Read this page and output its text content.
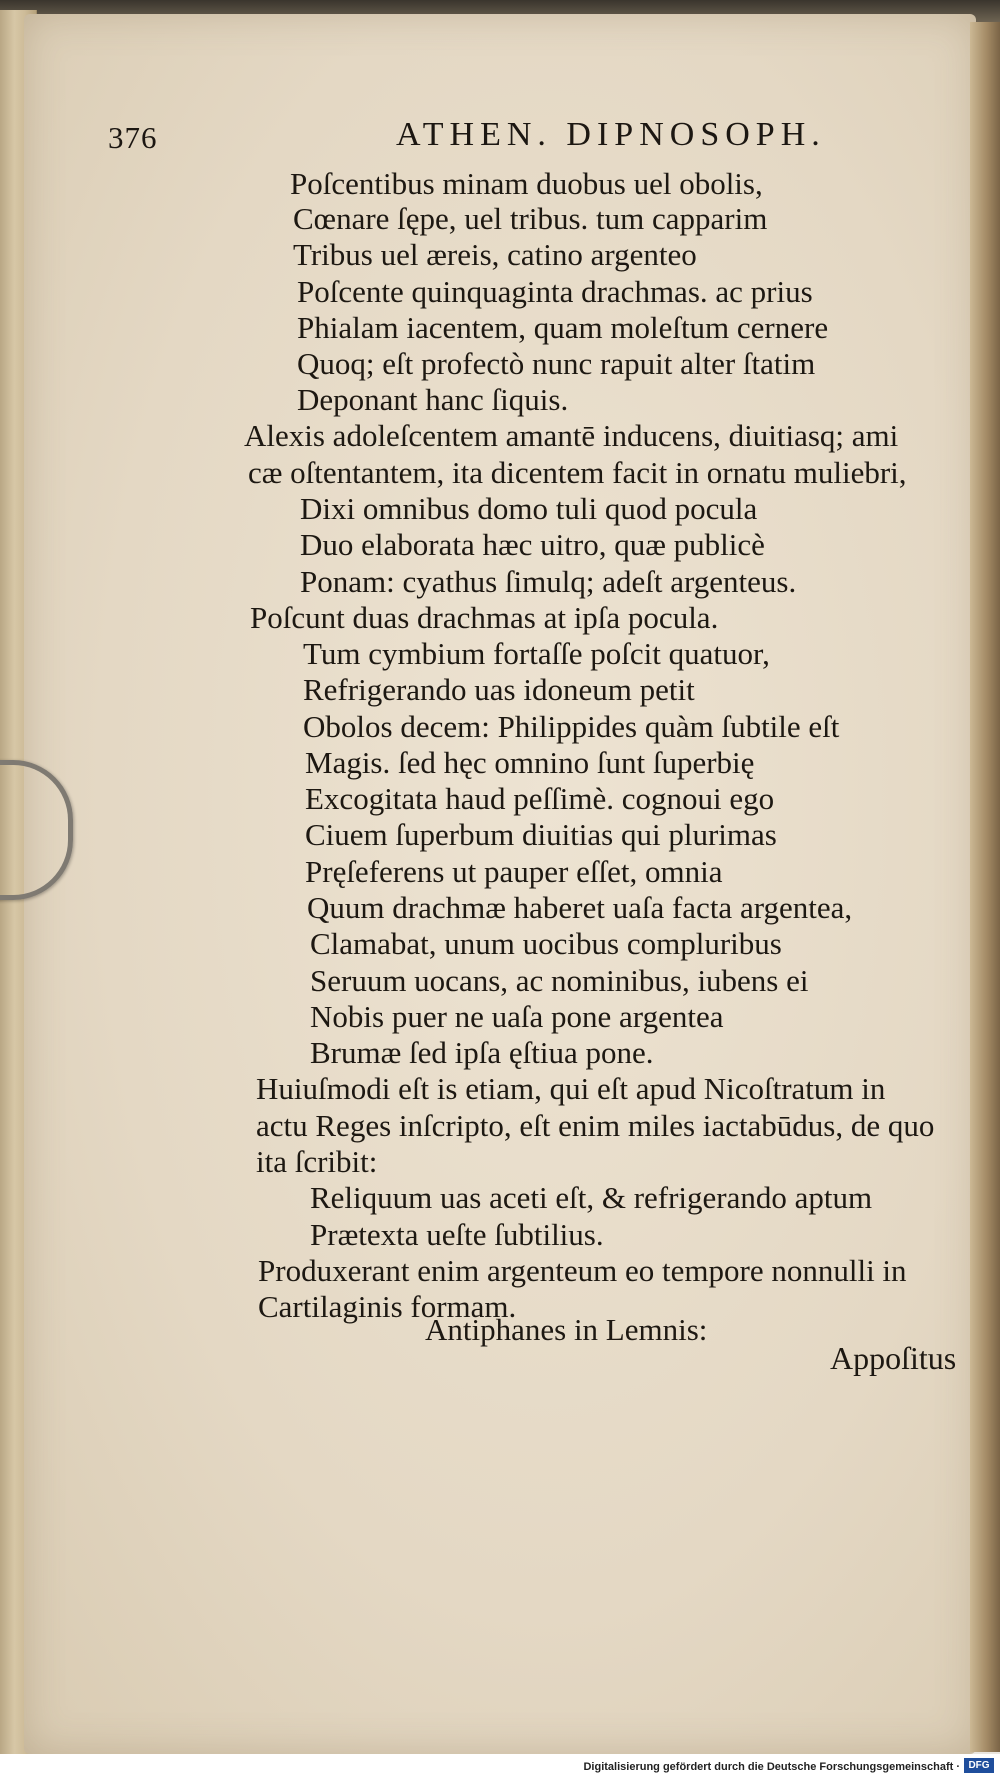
376	ATHEN. DIPNOSOPH.
Poſcentibus minam duobus uel obolis,
Cœnare ſępe, uel tribus. tum capparim
Tribus uel æreis, catino argenteo
Poſcente quinquaginta drachmas. ac prius
Phialam iacentem, quam moleſtum cernere
Quoq; eſt profectò nunc rapuit alter ſtatim
Deponant hanc ſiquis.
Alexis adoleſcentem amantē inducens, diuitiasq; ami
cæ oſtentantem, ita dicentem facit in ornatu muliebri,
Dixi omnibus domo tuli quod pocula
Duo elaborata hæc uitro, quæ publicè
Ponam: cyathus ſimulq; adeſt argenteus.
Poſcunt duas drachmas at ipſa pocula.
Tum cymbium fortaſſe poſcit quatuor,
Refrigerando uas idoneum petit
Obolos decem: Philippides quàm ſubtile eſt
Magis. ſed hęc omnino ſunt ſuperbię
Excogitata haud peſſimè. cognoui ego
Ciuem ſuperbum diuitias qui plurimas
Pręſeferens ut pauper eſſet, omnia
Quum drachmæ haberet uaſa facta argentea,
Clamabat, unum uocibus compluribus
Seruum uocans, ac nominibus, iubens ei
Nobis puer ne uaſa pone argentea
Brumæ ſed ipſa ęſtiua pone.
Huiuſmodi eſt is etiam, qui eſt apud Nicoſtratum in
actu Reges inſcripto, eſt enim miles iactabūdus, de quo
ita ſcribit:
Reliquum uas aceti eſt, & refrigerando aptum
Prætexta ueſte ſubtilius.
Produxerant enim argenteum eo tempore nonnulli in
Cartilaginis formam.
Antiphanes in Lemnis:
Appoſitus
Digitalisierung gefördert durch die Deutsche Forschungsgemeinschaft · DFG
